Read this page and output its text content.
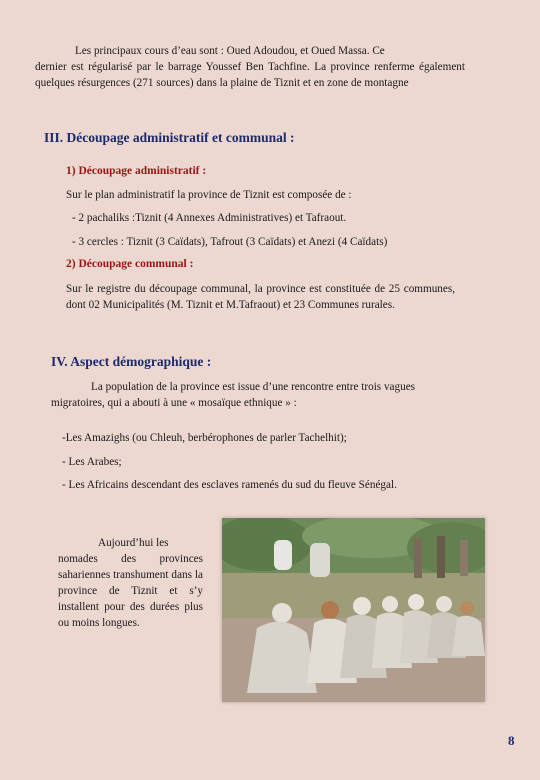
Les principaux cours d’eau sont : Oued Adoudou, et Oued Massa. Ce

dernier est régularisé par le barrage Youssef Ben Tachfine. La province renferme également quelques résurgences (271 sources) dans la plaine de Tiznit et en zone de montagne

III. Découpage administratif et communal :
1) Découpage administratif :
Sur le plan administratif la province de Tiznit est composée de :
- 2 pachaliks :Tiznit (4 Annexes Administratives) et Tafraout.
- 3 cercles : Tiznit (3 Caïdats), Tafrout (3 Caïdats) et Anezi (4 Caïdats)
2) Découpage communal :
Sur le registre du découpage communal, la province est constituée de 25 communes, dont 02 Municipalités (M. Tiznit et M.Tafraout) et 23 Communes rurales.
IV. Aspect démographique :
La population de la province est issue d’une rencontre entre trois vagues
migratoires, qui a abouti à une « mosaïque ethnique » :
-Les Amazighs (ou Chleuh, berbérophones de parler Tachelhit);
- Les Arabes;
- Les Africains descendant des esclaves ramenés du sud du fleuve Sénégal.

Aujourd’hui les

nomades des provinces sahariennes transhument dans la province de Tiznit et s’y installent pour des durées plus ou moins longues.

8
